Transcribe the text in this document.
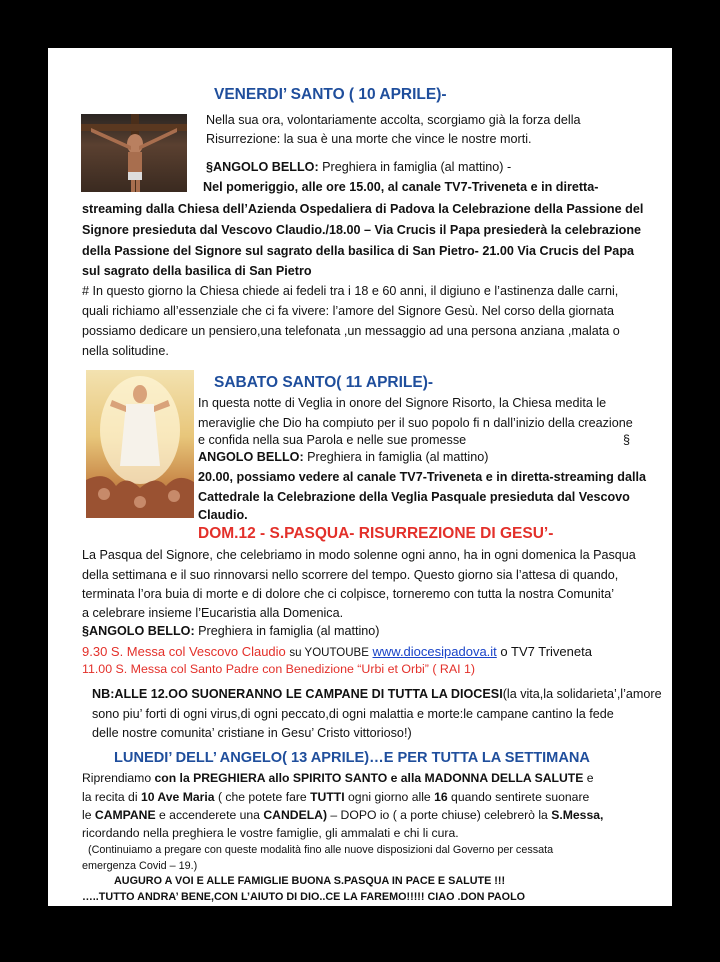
VENERDI’ SANTO ( 10 APRILE)-
Nella sua ora, volontariamente accolta, scorgiamo già la forza della
Risurrezione: la sua è una morte che vince le nostre morti.
§ANGOLO BELLO: Preghiera in famiglia (al mattino) -
Nel pomeriggio, alle ore 15.00, al canale TV7-Triveneta e in diretta-
streaming dalla Chiesa dell’Azienda Ospedaliera di Padova la Celebrazione della Passione del
Signore presieduta dal Vescovo Claudio./18.00 – Via Crucis il Papa presiederà la celebrazione
della Passione del Signore sul sagrato della basilica di San Pietro- 21.00 Via Crucis del Papa
sul sagrato della basilica di San Pietro
# In questo giorno la Chiesa chiede ai fedeli tra i 18 e 60 anni, il digiuno e l’astinenza dalle carni,
quali richiamo all’essenziale che ci fa vivere: l’amore del Signore Gesù. Nel corso della giornata
possiamo dedicare un pensiero,una telefonata ,un messaggio ad una persona anziana ,malata o
nella solitudine.
SABATO SANTO( 11 APRILE)-
In questa notte di Veglia in onore del Signore Risorto, la Chiesa medita le
meraviglie che Dio ha compiuto per il suo popolo fi n dall’inizio della creazione
e confida nella sua Parola e nelle sue promesse	§
ANGOLO BELLO: Preghiera in famiglia (al mattino)
20.00, possiamo vedere al canale TV7-Triveneta e in diretta-streaming dalla
Cattedrale la Celebrazione della Veglia Pasquale presieduta dal Vescovo
Claudio.
DOM.12 - S.PASQUA- RISURREZIONE DI GESU’-
La Pasqua del Signore, che celebriamo in modo solenne ogni anno, ha in ogni domenica la Pasqua
della settimana e il suo rinnovarsi nello scorrere del tempo. Questo giorno sia l’attesa di quando,
terminata l’ora buia di morte e di dolore che ci colpisce, torneremo con tutta la nostra Comunita’
a celebrare insieme l’Eucaristia alla Domenica.
§ANGOLO BELLO: Preghiera in famiglia (al mattino)
9.30 S. Messa col Vescovo Claudio su YOUTOUBE www.diocesipadova.it o TV7 Triveneta
11.00 S. Messa col Santo Padre con Benedizione “Urbi et Orbi” ( RAI 1)
NB:ALLE 12.OO SUONERANNO LE CAMPANE DI TUTTA LA DIOCESI(la vita,la solidarieta’,l’amore
sono piu’ forti di ogni virus,di ogni peccato,di ogni malattia e morte:le campane cantino la fede
delle nostre comunita’ cristiane in Gesu’ Cristo vittorioso!)
LUNEDI’ DELL’ ANGELO( 13 APRILE)…E PER TUTTA LA SETTIMANA
Riprendiamo con la PREGHIERA allo SPIRITO SANTO e alla MADONNA DELLA SALUTE e
la recita di 10 Ave Maria ( che potete fare TUTTI ogni giorno alle 16 quando sentirete suonare
le CAMPANE e accenderete una CANDELA) – DOPO io ( a porte chiuse) celebrerò la S.Messa,
ricordando nella preghiera le vostre famiglie, gli ammalati e chi li cura.
(Continuiamo a pregare con queste modalità fino alle nuove disposizioni dal Governo per cessata
emergenza Covid – 19.)
AUGURO A VOI E ALLE FAMIGLIE BUONA S.PASQUA IN PACE E SALUTE !!!
…..TUTTO ANDRA’ BENE,CON L’AIUTO DI DIO..CE LA FAREMO!!!!! CIAO .DON PAOLO
